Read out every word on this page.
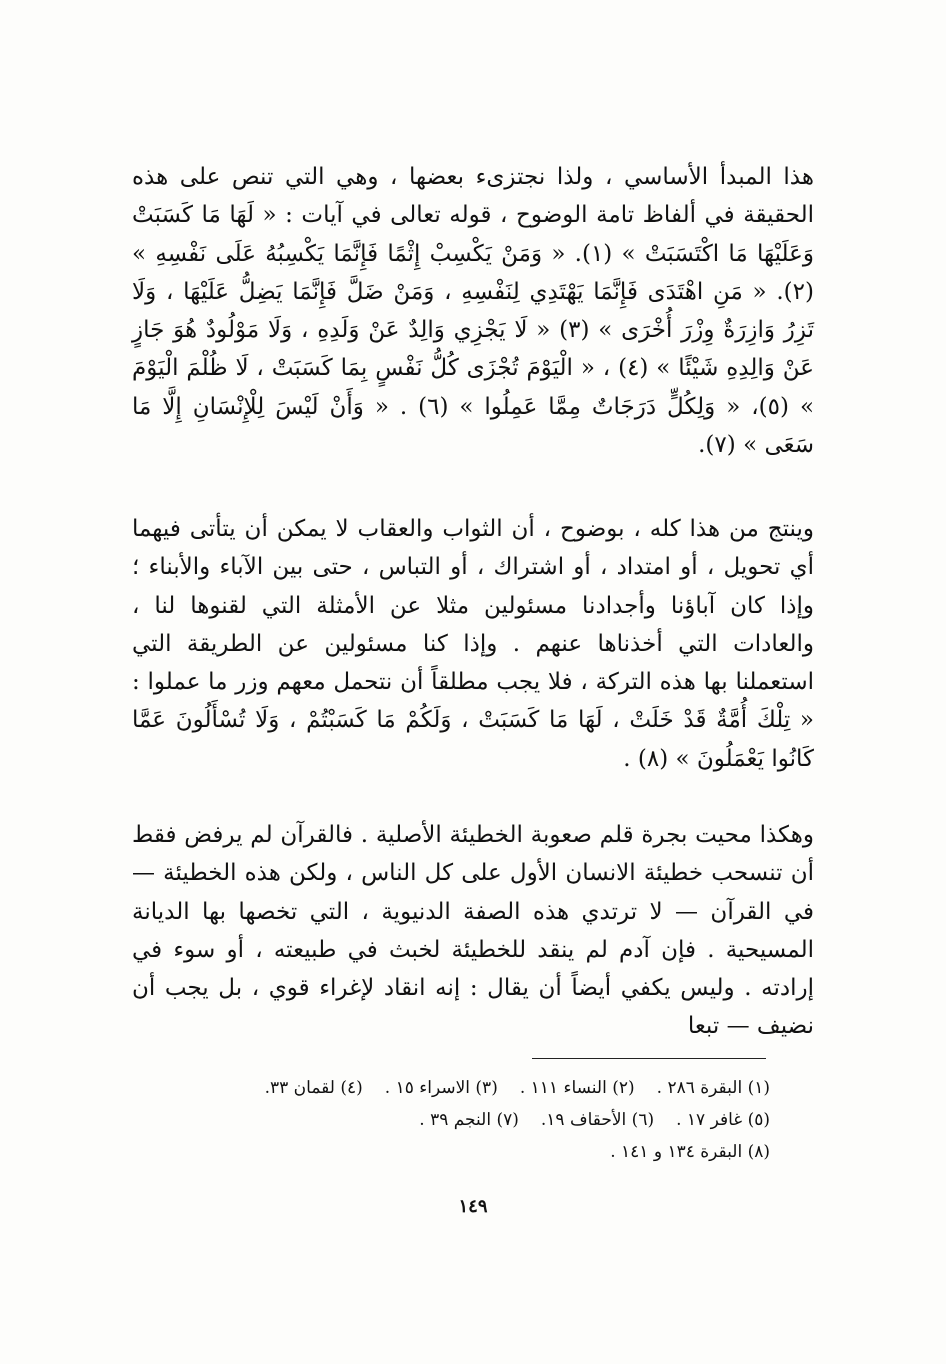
هذا المبدأ الأساسي ، ولذا نجتزىء بعضها ، وهي التي تنص على هذه الحقيقة في ألفاظ تامة الوضوح ، قوله تعالى في آيات : « لَهَا مَا كَسَبَتْ وَعَلَيْهَا مَا اكْتَسَبَتْ » (١). « وَمَنْ يَكْسِبْ إِثْمًا فَإِنَّمَا يَكْسِبُهُ عَلَى نَفْسِهِ » (٢). « مَنِ اهْتَدَى فَإِنَّمَا يَهْتَدِي لِنَفْسِهِ ، وَمَنْ ضَلَّ فَإِنَّمَا يَضِلُّ عَلَيْهَا ، وَلَا تَزِرُ وَازِرَةٌ وِزْرَ أُخْرَى » (٣) « لَا يَجْزِي وَالِدٌ عَنْ وَلَدِهِ ، وَلَا مَوْلُودٌ هُوَ جَازٍ عَنْ وَالِدِهِ شَيْئًا » (٤) ، « الْيَوْمَ تُجْزَى كُلُّ نَفْسٍ بِمَا كَسَبَتْ ، لَا ظُلْمَ الْيَوْمَ » (٥)، « وَلِكُلٍّ دَرَجَاتٌ مِمَّا عَمِلُوا » (٦) . « وَأَنْ لَيْسَ لِلْإِنْسَانِ إِلَّا مَا سَعَى » (٧).

وينتج من هذا كله ، بوضوح ، أن الثواب والعقاب لا يمكن أن يتأتى فيهما أي تحويل ، أو امتداد ، أو اشتراك ، أو التباس ، حتى بين الآباء والأبناء ؛ وإذا كان آباؤنا وأجدادنا مسئولين مثلا عن الأمثلة التي لقنوها لنا ، والعادات التي أخذناها عنهم . وإذا كنا مسئولين عن الطريقة التي استعملنا بها هذه التركة ، فلا يجب مطلقاً أن نتحمل معهم وزر ما عملوا : « تِلْكَ أُمَّةٌ قَدْ خَلَتْ ، لَهَا مَا كَسَبَتْ ، وَلَكُمْ مَا كَسَبْتُمْ ، وَلَا تُسْأَلُونَ عَمَّا كَانُوا يَعْمَلُونَ » (٨) .

وهكذا محيت بجرة قلم صعوبة الخطيئة الأصلية . فالقرآن لم يرفض فقط أن تنسحب خطيئة الانسان الأول على كل الناس ، ولكن هذه الخطيئة — في القرآن — لا ترتدي هذه الصفة الدنيوية ، التي تخصها بها الديانة المسيحية . فإن آدم لم ينقد للخطيئة لخبث في طبيعته ، أو سوء في إرادته . وليس يكفي أيضاً أن يقال : إنه انقاد لإغراء قوي ، بل يجب أن نضيف — تبعا

(١) البقرة ٢٨٦ .(٢) النساء ١١١ .(٣) الاسراء ١٥ .(٤) لقمان ٣٣.
(٥) غافر ١٧ .(٦) الأحقاف ١٩.(٧) النجم ٣٩ .
(٨) البقرة ١٣٤ و ١٤١ .
١٤٩
